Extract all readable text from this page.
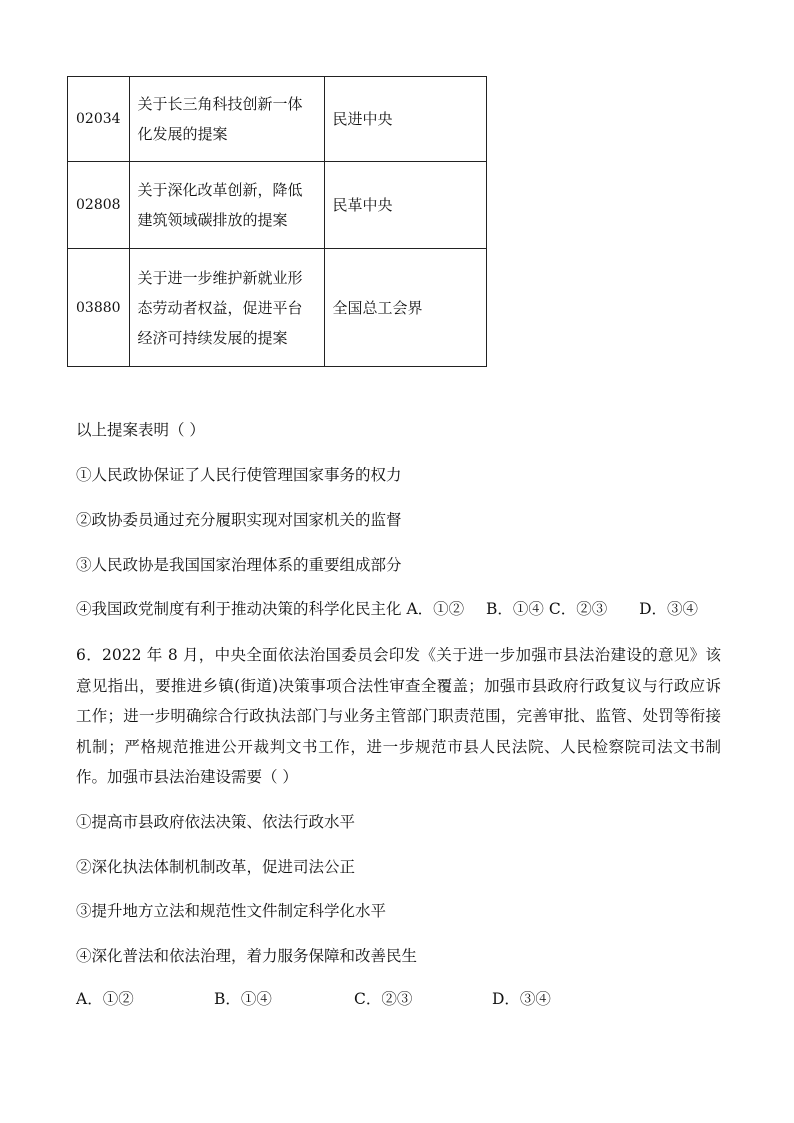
02034	关于长三角科技创新一体化发展的提案	民进中央
02808	关于深化改革创新，降低建筑领域碳排放的提案	民革中央
03880	关于进一步维护新就业形态劳动者权益，促进平台经济可持续发展的提案	全国总工会界
以上提案表明（ ）
①人民政协保证了人民行使管理国家事务的权力
②政协委员通过充分履职实现对国家机关的监督
③人民政协是我国国家治理体系的重要组成部分
④我国政党制度有利于推动决策的科学化民主化 A．①② B．①④ C．②③ D．③④
6．2022 年 8 月，中央全面依法治国委员会印发《关于进一步加强市县法治建设的意见》该意见指出，要推进乡镇(街道)决策事项合法性审查全覆盖；加强市县政府行政复议与行政应诉工作；进一步明确综合行政执法部门与业务主管部门职责范围，完善审批、监管、处罚等衔接机制；严格规范推进公开裁判文书工作，进一步规范市县人民法院、人民检察院司法文书制作。加强市县法治建设需要（ ）
①提高市县政府依法决策、依法行政水平
②深化执法体制机制改革，促进司法公正
③提升地方立法和规范性文件制定科学化水平
④深化普法和依法治理，着力服务保障和改善民生
A．①②	B．①④	C．②③	D．③④
